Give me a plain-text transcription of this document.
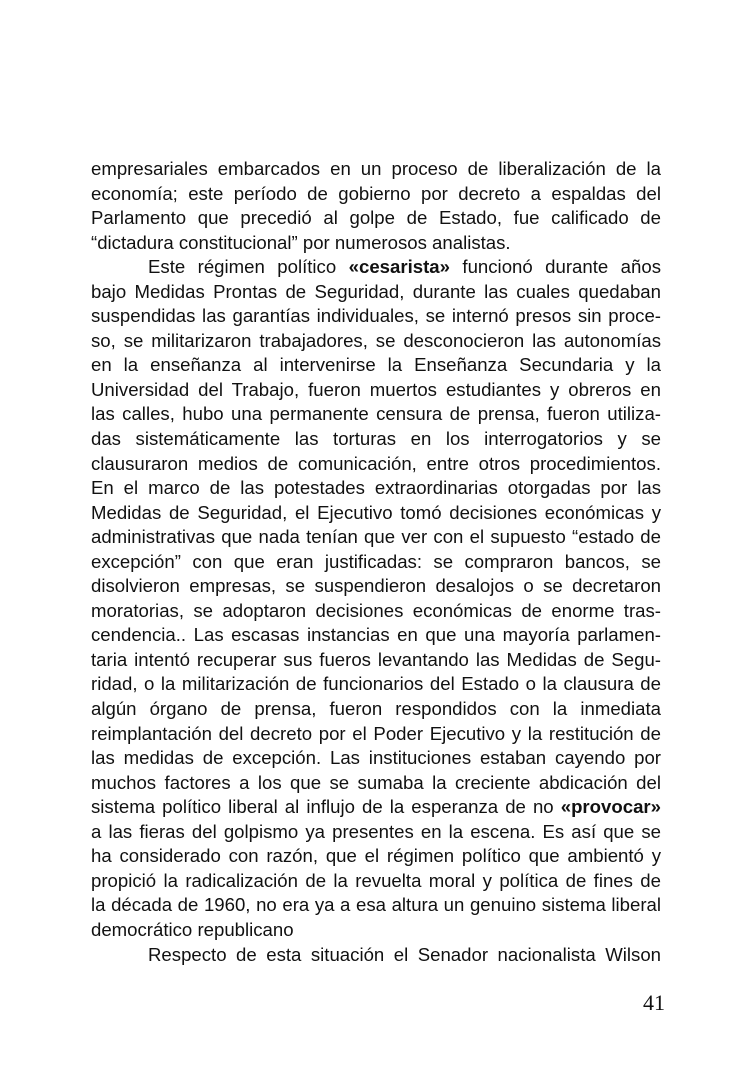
empresariales embarcados en un proceso de liberalización de la
economía; este período de gobierno por decreto a espaldas del
Parlamento que precedió al golpe de Estado, fue calificado de
“dictadura constitucional” por numerosos analistas.
Este régimen político «cesarista» funcionó durante años
bajo Medidas Prontas de Seguridad, durante las cuales quedaban
suspendidas las garantías individuales, se internó presos sin proce-
so, se militarizaron trabajadores, se desconocieron las autonomías
en la enseñanza al intervenirse la Enseñanza Secundaria y la
Universidad del Trabajo, fueron muertos estudiantes y obreros en
las calles, hubo una permanente censura de prensa, fueron utiliza-
das sistemáticamente las torturas en los interrogatorios y se
clausuraron medios de comunicación, entre otros procedimientos.
En el marco de las potestades extraordinarias otorgadas por las
Medidas de Seguridad, el Ejecutivo tomó decisiones económicas y
administrativas que nada tenían que ver con el supuesto “estado de
excepción” con que eran justificadas: se compraron bancos, se
disolvieron empresas, se suspendieron desalojos o se decretaron
moratorias, se adoptaron decisiones económicas de enorme tras-
cendencia.. Las escasas instancias en que una mayoría parlamen-
taria intentó recuperar sus fueros levantando las Medidas de Segu-
ridad, o la militarización de funcionarios del Estado o la clausura de
algún órgano de prensa, fueron respondidos con la inmediata
reimplantación del decreto por el Poder Ejecutivo y la restitución de
las medidas de excepción. Las instituciones estaban cayendo por
muchos factores a los que se sumaba la creciente abdicación del
sistema político liberal al influjo de la esperanza de no «provocar»
a las fieras del golpismo ya presentes en la escena. Es así que se
ha considerado con razón, que el régimen político que ambientó y
propició la radicalización de la revuelta moral y política de fines de
la década de 1960, no era ya a esa altura un genuino sistema liberal
democrático republicano
Respecto de esta situación el Senador nacionalista Wilson
41
